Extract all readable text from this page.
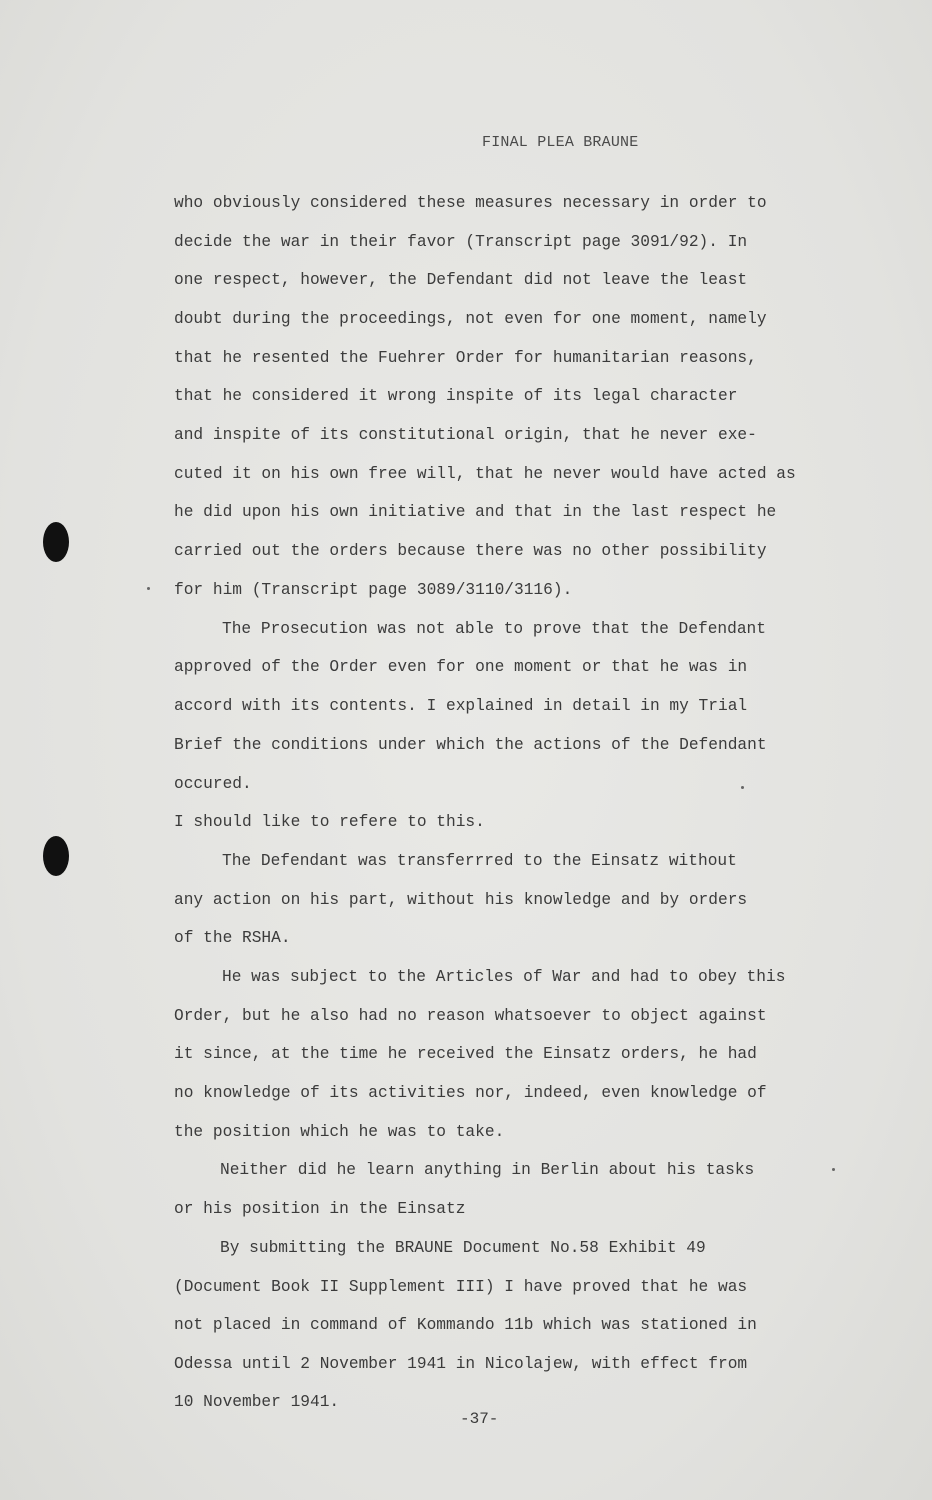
FINAL PLEA BRAUNE
who obviously considered these measures necessary in order to
decide the war in their favor (Transcript page 3091/92). In
one respect, however, the Defendant did not leave the least
doubt during the proceedings, not even for one moment, namely
that he resented the Fuehrer Order for humanitarian reasons,
that he considered it wrong inspite of its legal character
and inspite of its constitutional origin, that he never exe-
cuted it on his own free will, that he never would have acted as
he did upon his own initiative and that in the last respect he
carried out the orders because there was no other possibility
for him (Transcript page 3089/3110/3116).
The Prosecution was not able to prove that the Defendant
approved of the Order even for one moment or that he was in
accord with its contents. I explained in detail in my Trial
Brief the conditions under which the actions of the Defendant
occured.
I should like to refere to this.
The Defendant was transferrred to the Einsatz without
any action on his part, without his knowledge and by orders
of the RSHA.
He was subject to the Articles of War and had to obey this
Order, but he also had no reason whatsoever to object against
it since, at the time he received the Einsatz orders, he had
no knowledge of its activities nor, indeed, even knowledge of
the position which he was to take.
Neither did he learn anything in Berlin about his tasks
or his position in the Einsatz
By submitting the BRAUNE Document No.58 Exhibit 49
(Document Book II Supplement III) I have proved that he was
not placed in command of Kommando 11b which was stationed in
Odessa until 2 November 1941 in Nicolajew, with effect from
10 November 1941.
-37-
